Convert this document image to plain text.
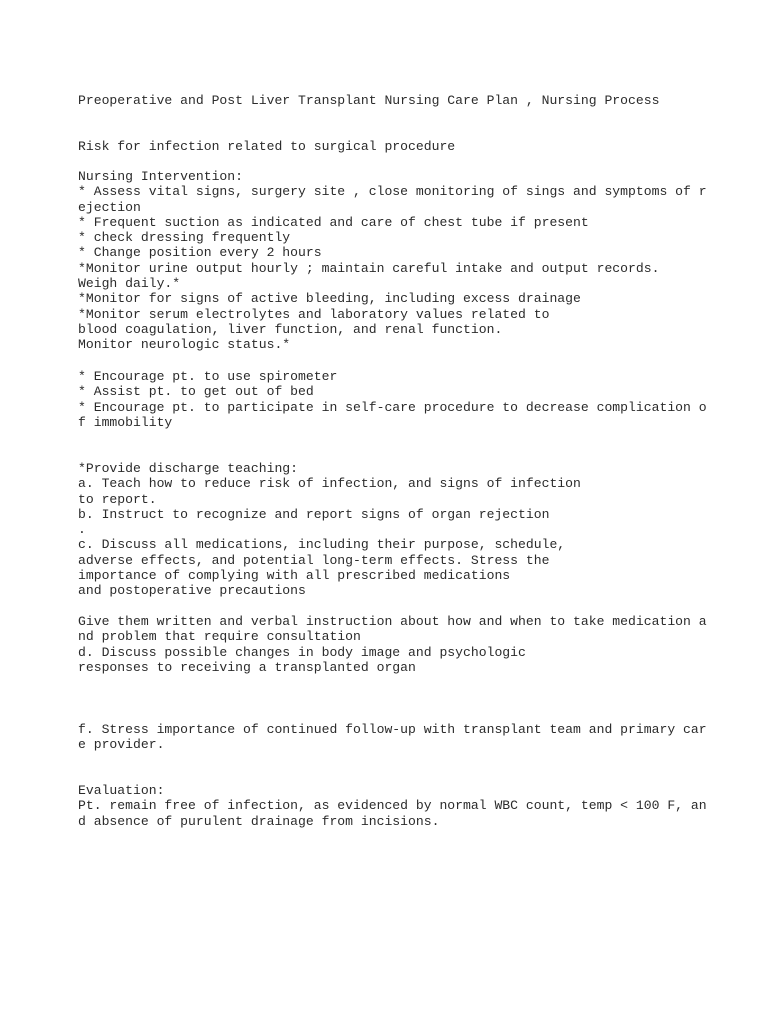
Preoperative and Post Liver Transplant Nursing Care Plan , Nursing Process

Risk for infection related to surgical procedure

Nursing Intervention:
* Assess vital signs, surgery site , close monitoring of sings and symptoms of r
ejection
* Frequent suction as indicated and care of chest tube if present
* check dressing frequently
* Change position every 2 hours
*Monitor urine output hourly ; maintain careful intake and output records.
Weigh daily.*
*Monitor for signs of active bleeding, including excess drainage
*Monitor serum electrolytes and laboratory values related to
blood coagulation, liver function, and renal function.
Monitor neurologic status.*

* Encourage pt. to use spirometer
* Assist pt. to get out of bed
* Encourage pt. to participate in self-care procedure to decrease complication o
f immobility

*Provide discharge teaching:
a. Teach how to reduce risk of infection, and signs of infection
to report.
b. Instruct to recognize and report signs of organ rejection
.
c. Discuss all medications, including their purpose, schedule,
adverse effects, and potential long-term effects. Stress the
importance of complying with all prescribed medications
and postoperative precautions

Give them written and verbal instruction about how and when to take medication a
nd problem that require consultation
d. Discuss possible changes in body image and psychologic
responses to receiving a transplanted organ

f. Stress importance of continued follow-up with transplant team and primary car
e provider.

Evaluation:
Pt. remain free of infection, as evidenced by normal WBC count, temp < 100 F, an
d absence of purulent drainage from incisions.
